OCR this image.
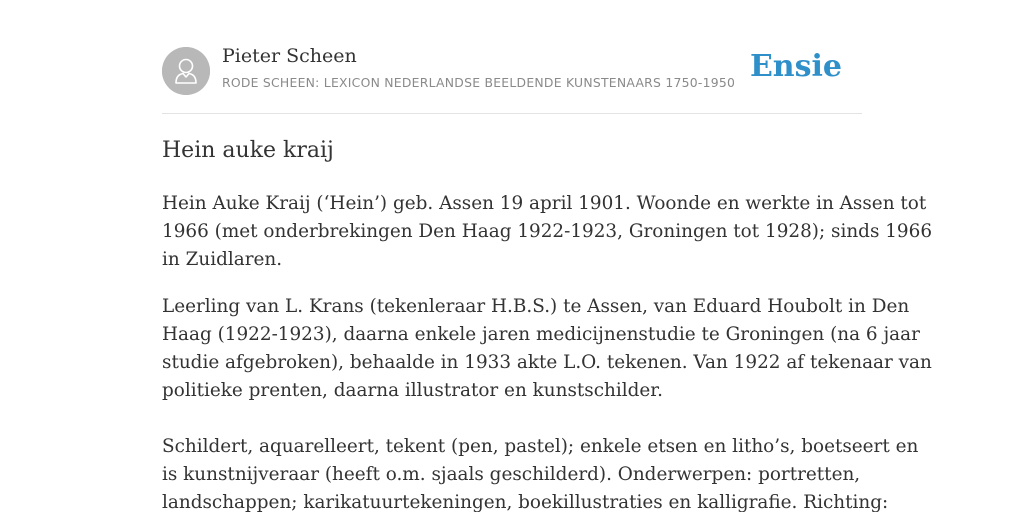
Pieter Scheen
RODE SCHEEN: LEXICON NEDERLANDSE BEELDENDE KUNSTENAARS 1750-1950 Ensie
Hein auke kraij

Hein Auke Kraij (‘Hein’) geb. Assen 19 april 1901. Woonde en werkte in Assen tot
1966 (met onderbrekingen Den Haag 1922-1923, Groningen tot 1928); sinds 1966
in Zuidlaren.

Leerling van L. Krans (tekenleraar H.B.S.) te Assen, van Eduard Houbolt in Den
Haag (1922-1923), daarna enkele jaren medicijnenstudie te Groningen (na 6 jaar
studie afgebroken), behaalde in 1933 akte L.O. tekenen. Van 1922 af tekenaar van
politieke prenten, daarna illustrator en kunstschilder.
Schildert, aquarelleert, tekent (pen, pastel); enkele etsen en litho’s, boetseert en
is kunstnijveraar (heeft o.m. sjaals geschilderd). Onderwerpen: portretten,
landschappen; karikatuurtekeningen, boekillustraties en kalligrafie. Richting:
